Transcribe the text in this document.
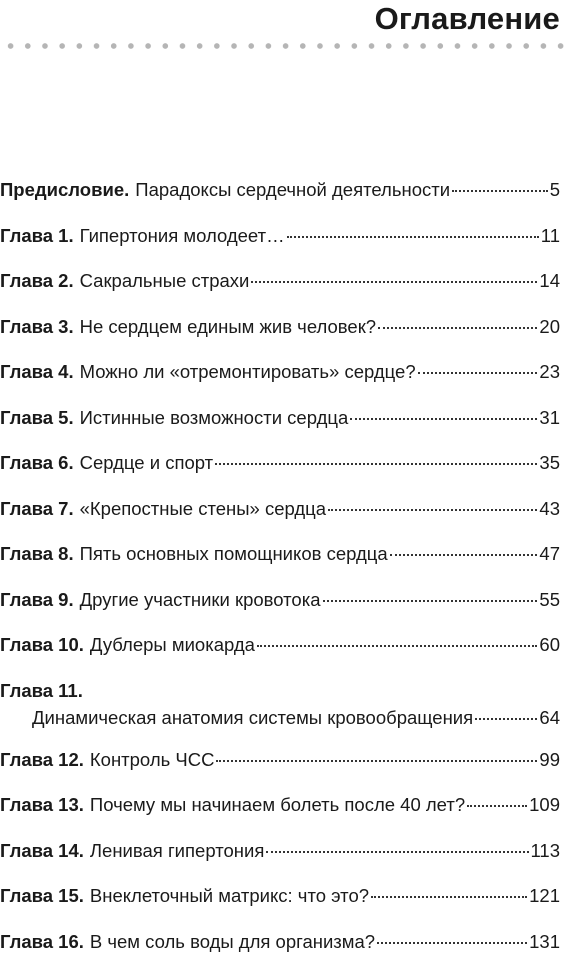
Оглавление
Предисловие. Парадоксы сердечной деятельности	5
Глава 1. Гипертония молодеет…	11
Глава 2. Сакральные страхи	14
Глава 3. Не сердцем единым жив человек?	20
Глава 4. Можно ли «отремонтировать» сердце?	23
Глава 5. Истинные возможности сердца	31
Глава 6. Сердце и спорт	35
Глава 7. «Крепостные стены» сердца	43
Глава 8. Пять основных помощников сердца	47
Глава 9. Другие участники кровотока	55
Глава 10. Дублеры миокарда	60
Глава 11.
Динамическая анатомия системы кровообращения	64
Глава 12. Контроль ЧСС	99
Глава 13. Почему мы начинаем болеть после 40 лет?	109
Глава 14. Ленивая гипертония	113
Глава 15. Внеклеточный матрикс: что это?	121
Глава 16. В чем соль воды для организма?	131
